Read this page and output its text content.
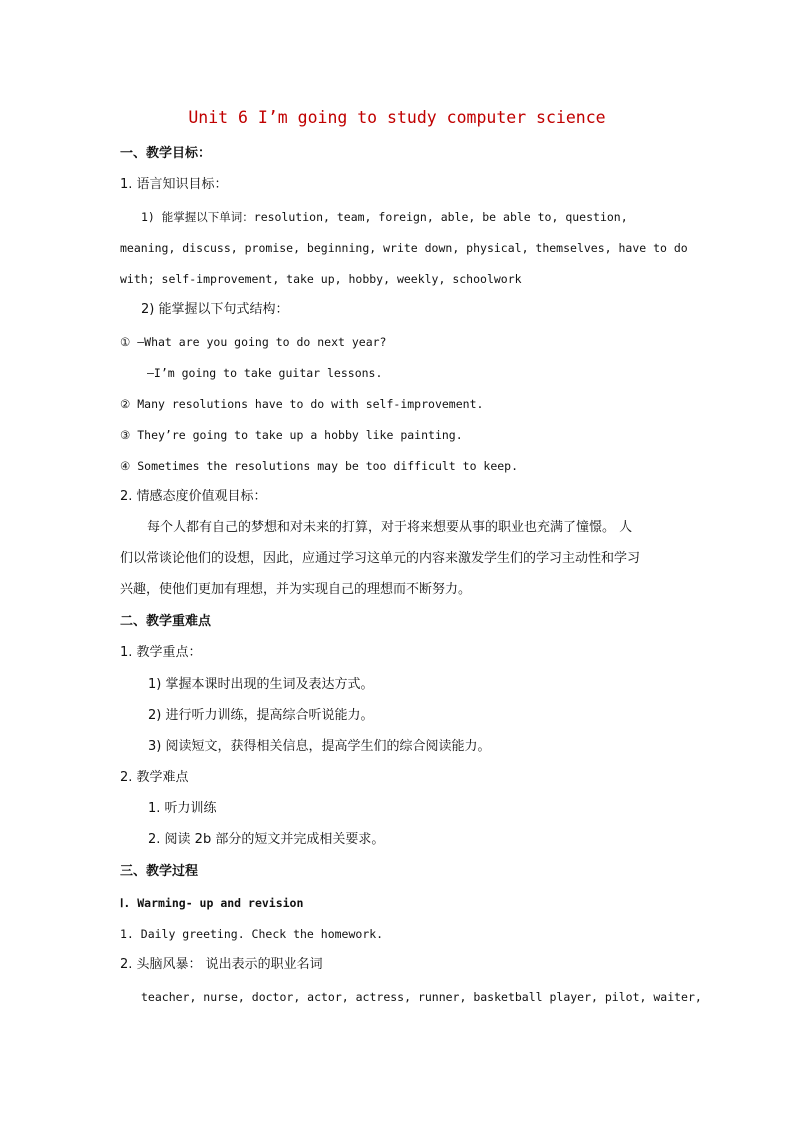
Unit 6 I’m going to study computer science
一、教学目标：
1. 语言知识目标：
1) 能掌握以下单词：resolution, team, foreign, able, be able to, question,
meaning, discuss, promise, beginning, write down, physical, themselves, have to do
with; self-improvement, take up, hobby, weekly, schoolwork
2) 能掌握以下句式结构：
① —What are you going to do next year?
—I’m going to take guitar lessons.
② Many resolutions have to do with self-improvement.
③ They’re going to take up a hobby like painting.
④ Sometimes the resolutions may be too difficult to keep.
2. 情感态度价值观目标：
每个人都有自己的梦想和对未来的打算，对于将来想要从事的职业也充满了憧憬。 人
们以常谈论他们的设想，因此，应通过学习这单元的内容来激发学生们的学习主动性和学习
兴趣，使他们更加有理想，并为实现自己的理想而不断努力。
二、教学重难点
1. 教学重点：
1) 掌握本课时出现的生词及表达方式。
2) 进行听力训练，提高综合听说能力。
3) 阅读短文，获得相关信息，提高学生们的综合阅读能力。
2. 教学难点
1. 听力训练
2. 阅读 2b 部分的短文并完成相关要求。
三、教学过程
Ⅰ. Warming- up and revision
1. Daily greeting. Check the homework.
2. 头脑风暴： 说出表示的职业名词
teacher, nurse, doctor, actor, actress, runner, basketball player, pilot, waiter,
